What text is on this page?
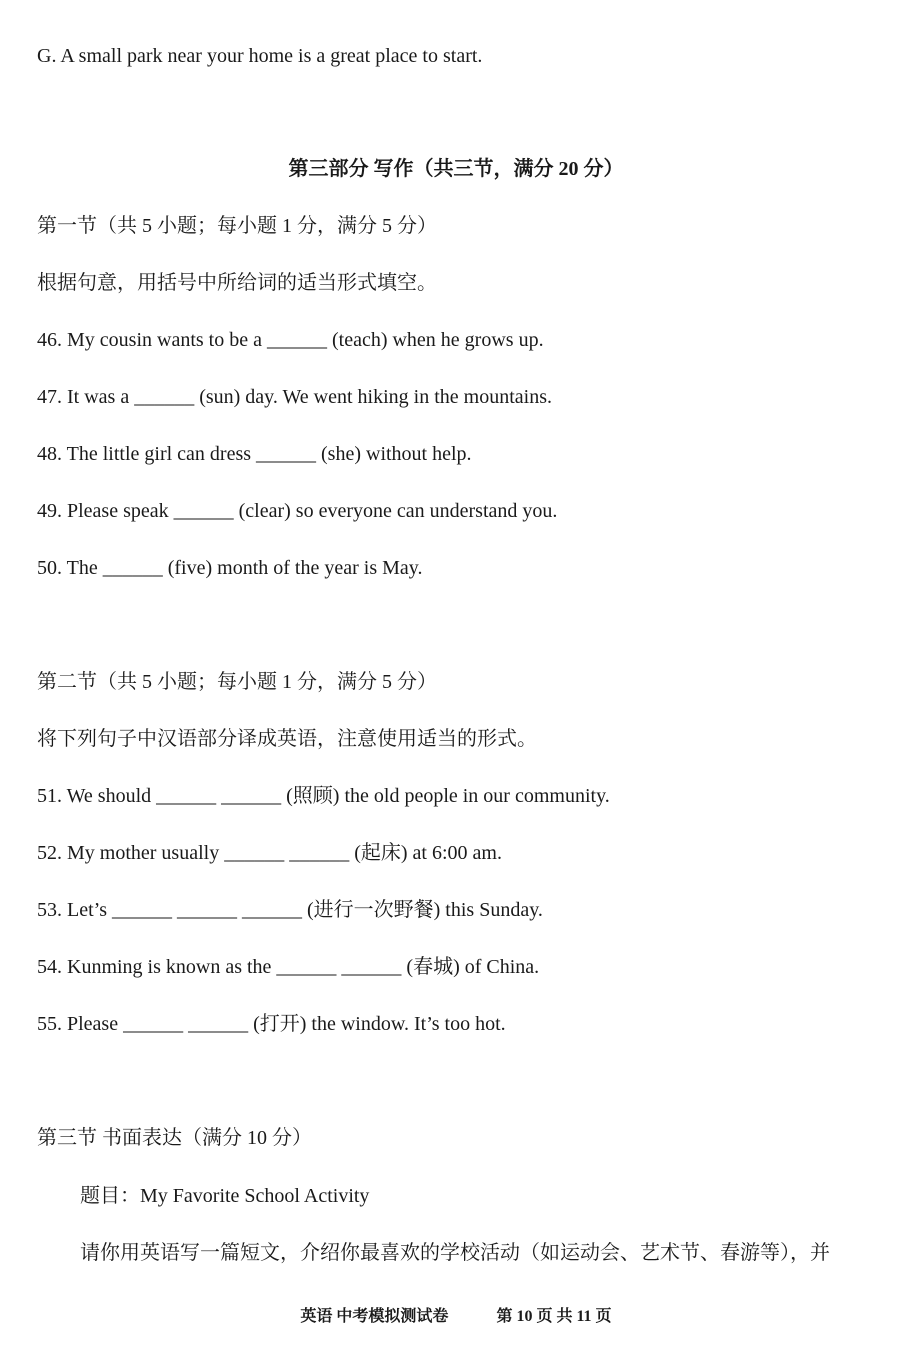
G. A small park near your home is a great place to start.
第三部分 写作（共三节，满分 20 分）
第一节（共 5 小题；每小题 1 分，满分 5 分）
根据句意，用括号中所给词的适当形式填空。
46. My cousin wants to be a ______ (teach) when he grows up.
47. It was a ______ (sun) day. We went hiking in the mountains.
48. The little girl can dress ______ (she) without help.
49. Please speak ______ (clear) so everyone can understand you.
50. The ______ (five) month of the year is May.
第二节（共 5 小题；每小题 1 分，满分 5 分）
将下列句子中汉语部分译成英语，注意使用适当的形式。
51. We should ______ ______ (照顾) the old people in our community.
52. My mother usually ______ ______ (起床) at 6:00 am.
53. Let’s ______ ______ ______ (进行一次野餐) this Sunday.
54. Kunming is known as the ______ ______ (春城) of China.
55. Please ______ ______ (打开) the window. It’s too hot.
第三节 书面表达（满分 10 分）
题目：My Favorite School Activity
请你用英语写一篇短文，介绍你最喜欢的学校活动（如运动会、艺术节、春游等），并
英语 中考模拟测试卷	第 10 页 共 11 页
